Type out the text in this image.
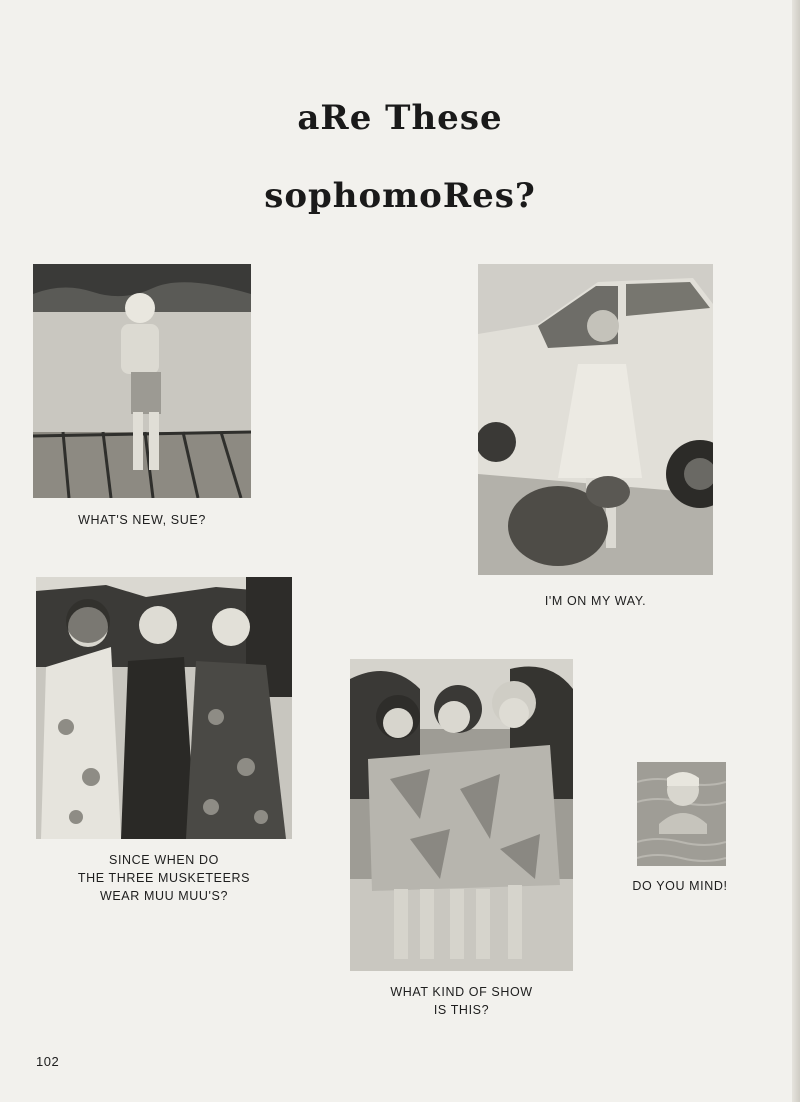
aRe These
sophomoRes?
WHAT'S NEW, SUE?
I'M ON MY WAY.
SINCE WHEN DO
THE THREE MUSKETEERS
WEAR MUU MUU'S?
WHAT KIND OF SHOW
IS THIS?
DO YOU MIND!
102
